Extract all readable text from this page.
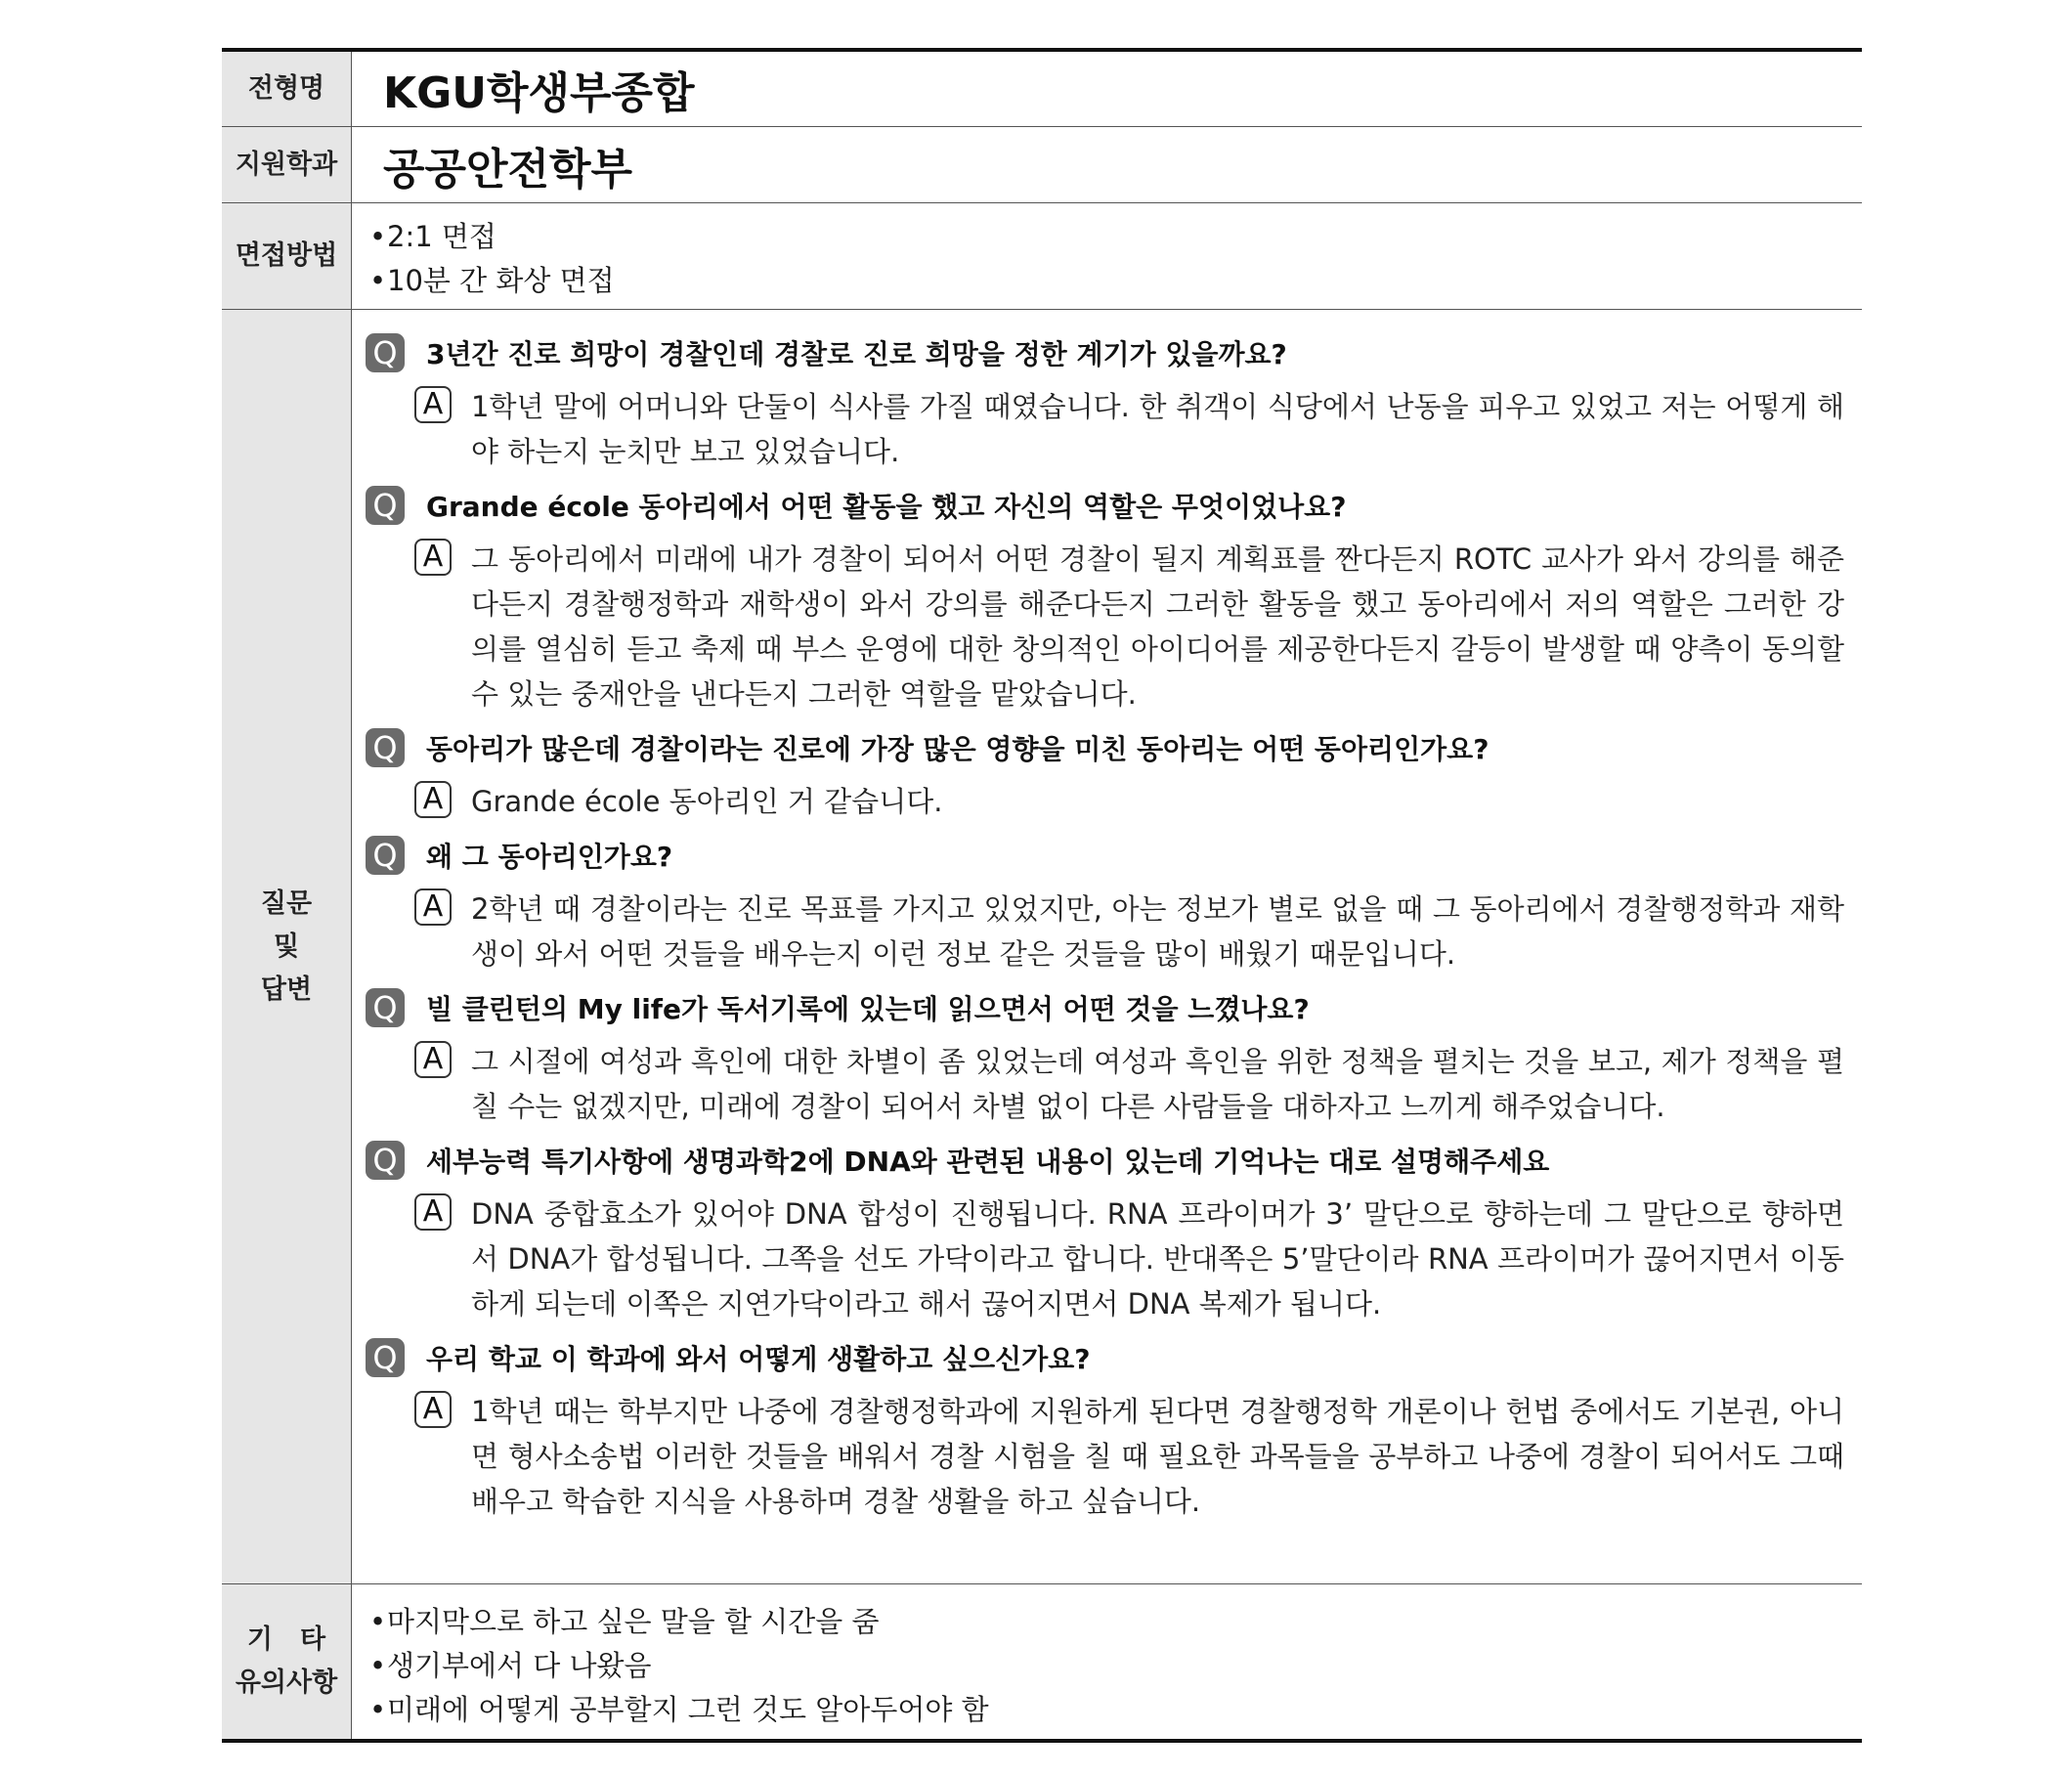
전형명	KGU학생부종합
지원학과	공공안전학부
면접방법
• 2:1 면접
• 10분 간 화상 면접
질문
및
답변
Q 3년간 진로 희망이 경찰인데 경찰로 진로 희망을 정한 계기가 있을까요?
A 1학년 말에 어머니와 단둘이 식사를 가질 때였습니다. 한 취객이 식당에서 난동을 피우고 있었고 저는 어떻게 해야 하는지 눈치만 보고 있었습니다.
Q Grande école 동아리에서 어떤 활동을 했고 자신의 역할은 무엇이었나요?
A 그 동아리에서 미래에 내가 경찰이 되어서 어떤 경찰이 될지 계획표를 짠다든지 ROTC 교사가 와서 강의를 해준다든지 경찰행정학과 재학생이 와서 강의를 해준다든지 그러한 활동을 했고 동아리에서 저의 역할은 그러한 강의를 열심히 듣고 축제 때 부스 운영에 대한 창의적인 아이디어를 제공한다든지 갈등이 발생할 때 양측이 동의할 수 있는 중재안을 낸다든지 그러한 역할을 맡았습니다.
Q 동아리가 많은데 경찰이라는 진로에 가장 많은 영향을 미친 동아리는 어떤 동아리인가요?
A Grande école 동아리인 거 같습니다.
Q 왜 그 동아리인가요?
A 2학년 때 경찰이라는 진로 목표를 가지고 있었지만, 아는 정보가 별로 없을 때 그 동아리에서 경찰행정학과 재학생이 와서 어떤 것들을 배우는지 이런 정보 같은 것들을 많이 배웠기 때문입니다.
Q 빌 클린턴의 My life가 독서기록에 있는데 읽으면서 어떤 것을 느꼈나요?
A 그 시절에 여성과 흑인에 대한 차별이 좀 있었는데 여성과 흑인을 위한 정책을 펼치는 것을 보고, 제가 정책을 펼칠 수는 없겠지만, 미래에 경찰이 되어서 차별 없이 다른 사람들을 대하자고 느끼게 해주었습니다.
Q 세부능력 특기사항에 생명과학2에 DNA와 관련된 내용이 있는데 기억나는 대로 설명해주세요
A DNA 중합효소가 있어야 DNA 합성이 진행됩니다. RNA 프라이머가 3’ 말단으로 향하는데 그 말단으로 향하면서 DNA가 합성됩니다. 그쪽을 선도 가닥이라고 합니다. 반대쪽은 5’말단이라 RNA 프라이머가 끊어지면서 이동하게 되는데 이쪽은 지연가닥이라고 해서 끊어지면서 DNA 복제가 됩니다.
Q 우리 학교 이 학과에 와서 어떻게 생활하고 싶으신가요?
A 1학년 때는 학부지만 나중에 경찰행정학과에 지원하게 된다면 경찰행정학 개론이나 헌법 중에서도 기본권, 아니면 형사소송법 이러한 것들을 배워서 경찰 시험을 칠 때 필요한 과목들을 공부하고 나중에 경찰이 되어서도 그때 배우고 학습한 지식을 사용하며 경찰 생활을 하고 싶습니다.
기타
유의사항
• 마지막으로 하고 싶은 말을 할 시간을 줌
• 생기부에서 다 나왔음
• 미래에 어떻게 공부할지 그런 것도 알아두어야 함
